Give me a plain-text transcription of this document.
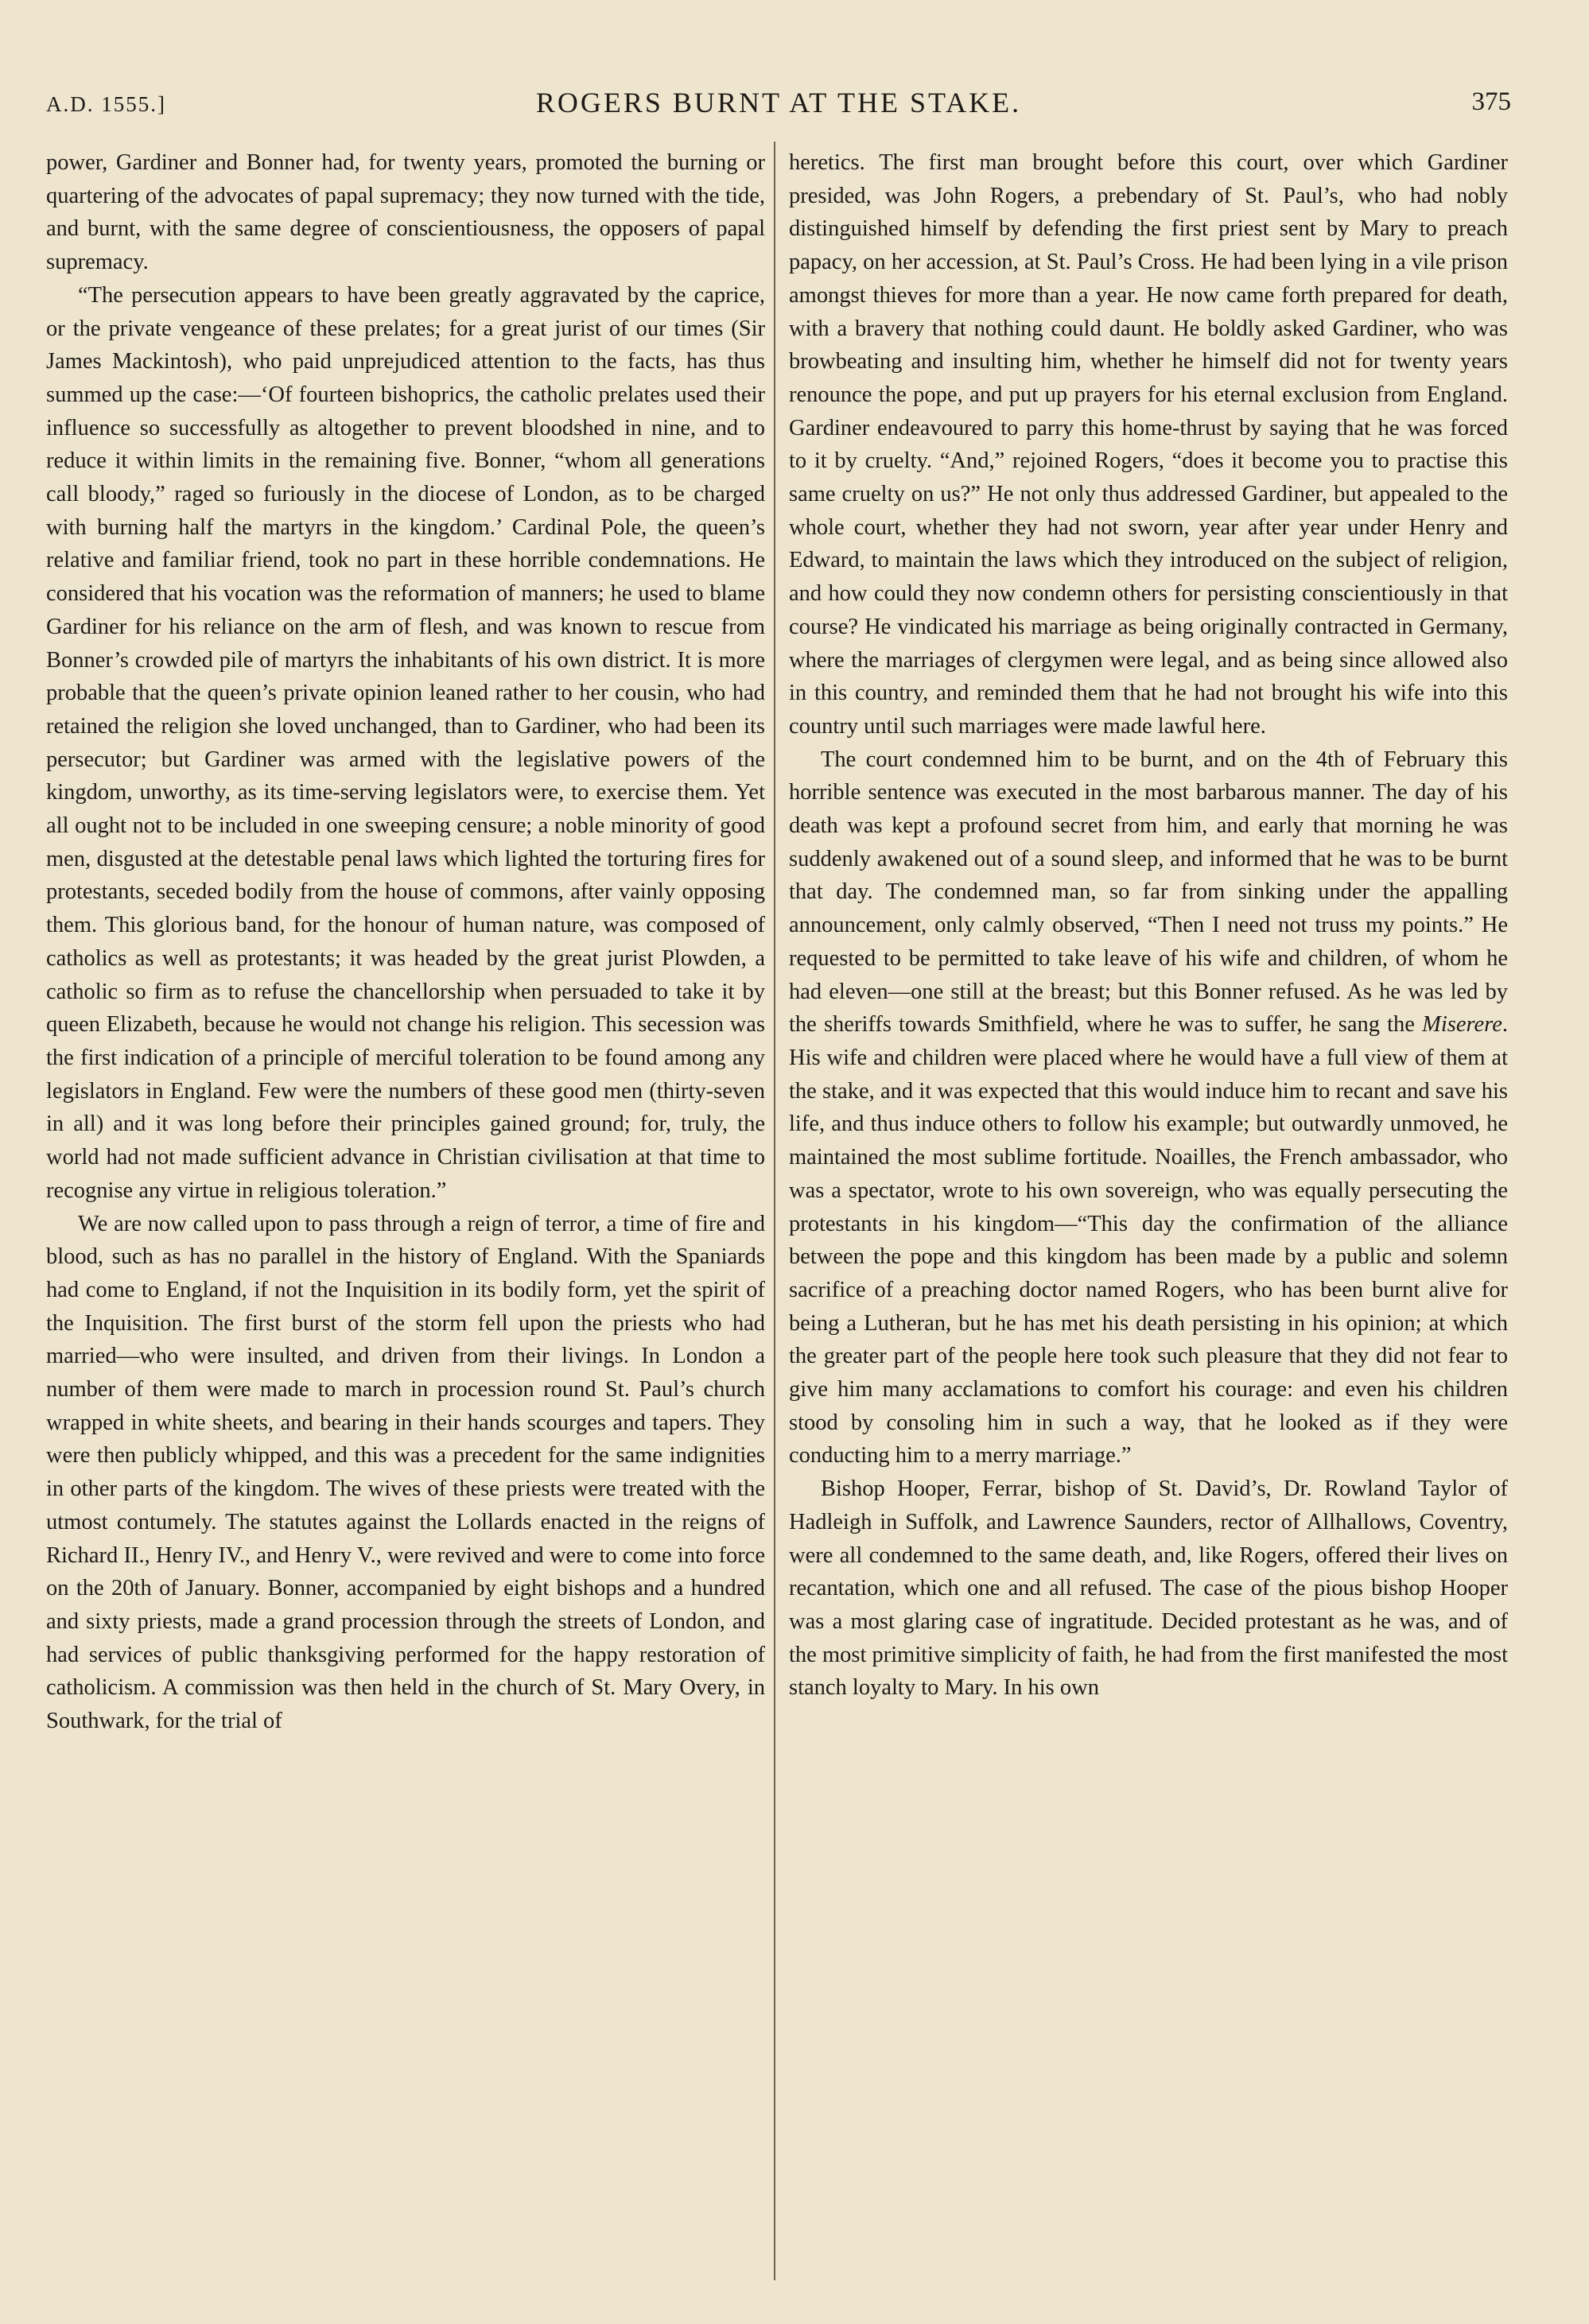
A.D. 1555.]	ROGERS BURNT AT THE STAKE.	375

power, Gardiner and Bonner had, for twenty years, promoted the burning or quartering of the advocates of papal supremacy; they now turned with the tide, and burnt, with the same degree of conscientiousness, the opposers of papal supremacy.

“The persecution appears to have been greatly aggravated by the caprice, or the private vengeance of these prelates; for a great jurist of our times (Sir James Mackintosh), who paid unprejudiced attention to the facts, has thus summed up the case:—‘Of fourteen bishoprics, the catholic prelates used their influence so successfully as altogether to prevent bloodshed in nine, and to reduce it within limits in the remaining five. Bonner, “whom all generations call bloody,” raged so furiously in the diocese of London, as to be charged with burning half the martyrs in the kingdom.’ Cardinal Pole, the queen’s relative and familiar friend, took no part in these horrible condemnations. He considered that his vocation was the reformation of manners; he used to blame Gardiner for his reliance on the arm of flesh, and was known to rescue from Bonner’s crowded pile of martyrs the inhabitants of his own district. It is more probable that the queen’s private opinion leaned rather to her cousin, who had retained the religion she loved unchanged, than to Gardiner, who had been its persecutor; but Gardiner was armed with the legislative powers of the kingdom, unworthy, as its time-serving legislators were, to exercise them. Yet all ought not to be included in one sweeping censure; a noble minority of good men, disgusted at the detestable penal laws which lighted the torturing fires for protestants, seceded bodily from the house of commons, after vainly opposing them. This glorious band, for the honour of human nature, was composed of catholics as well as protestants; it was headed by the great jurist Plowden, a catholic so firm as to refuse the chancellorship when persuaded to take it by queen Elizabeth, because he would not change his religion. This secession was the first indication of a principle of merciful toleration to be found among any legislators in England. Few were the numbers of these good men (thirty-seven in all) and it was long before their principles gained ground; for, truly, the world had not made sufficient advance in Christian civilisation at that time to recognise any virtue in religious toleration.”

We are now called upon to pass through a reign of terror, a time of fire and blood, such as has no parallel in the history of England. With the Spaniards had come to England, if not the Inquisition in its bodily form, yet the spirit of the Inquisition. The first burst of the storm fell upon the priests who had married—who were insulted, and driven from their livings. In London a number of them were made to march in procession round St. Paul’s church wrapped in white sheets, and bearing in their hands scourges and tapers. They were then publicly whipped, and this was a precedent for the same indignities in other parts of the kingdom. The wives of these priests were treated with the utmost contumely. The statutes against the Lollards enacted in the reigns of Richard II., Henry IV., and Henry V., were revived and were to come into force on the 20th of January. Bonner, accompanied by eight bishops and a hundred and sixty priests, made a grand procession through the streets of London, and had services of public thanksgiving performed for the happy restoration of catholicism. A commission was then held in the church of St. Mary Overy, in Southwark, for the trial of

heretics. The first man brought before this court, over which Gardiner presided, was John Rogers, a prebendary of St. Paul’s, who had nobly distinguished himself by defending the first priest sent by Mary to preach papacy, on her accession, at St. Paul’s Cross. He had been lying in a vile prison amongst thieves for more than a year. He now came forth prepared for death, with a bravery that nothing could daunt. He boldly asked Gardiner, who was browbeating and insulting him, whether he himself did not for twenty years renounce the pope, and put up prayers for his eternal exclusion from England. Gardiner endeavoured to parry this home-thrust by saying that he was forced to it by cruelty. “And,” rejoined Rogers, “does it become you to practise this same cruelty on us?” He not only thus addressed Gardiner, but appealed to the whole court, whether they had not sworn, year after year under Henry and Edward, to maintain the laws which they introduced on the subject of religion, and how could they now condemn others for persisting conscientiously in that course? He vindicated his marriage as being originally contracted in Germany, where the marriages of clergymen were legal, and as being since allowed also in this country, and reminded them that he had not brought his wife into this country until such marriages were made lawful here.

The court condemned him to be burnt, and on the 4th of February this horrible sentence was executed in the most barbarous manner. The day of his death was kept a profound secret from him, and early that morning he was suddenly awakened out of a sound sleep, and informed that he was to be burnt that day. The condemned man, so far from sinking under the appalling announcement, only calmly observed, “Then I need not truss my points.” He requested to be permitted to take leave of his wife and children, of whom he had eleven—one still at the breast; but this Bonner refused. As he was led by the sheriffs towards Smithfield, where he was to suffer, he sang the Miserere. His wife and children were placed where he would have a full view of them at the stake, and it was expected that this would induce him to recant and save his life, and thus induce others to follow his example; but outwardly unmoved, he maintained the most sublime fortitude. Noailles, the French ambassador, who was a spectator, wrote to his own sovereign, who was equally persecuting the protestants in his kingdom—“This day the confirmation of the alliance between the pope and this kingdom has been made by a public and solemn sacrifice of a preaching doctor named Rogers, who has been burnt alive for being a Lutheran, but he has met his death persisting in his opinion; at which the greater part of the people here took such pleasure that they did not fear to give him many acclamations to comfort his courage: and even his children stood by consoling him in such a way, that he looked as if they were conducting him to a merry marriage.”

Bishop Hooper, Ferrar, bishop of St. David’s, Dr. Rowland Taylor of Hadleigh in Suffolk, and Lawrence Saunders, rector of Allhallows, Coventry, were all condemned to the same death, and, like Rogers, offered their lives on recantation, which one and all refused. The case of the pious bishop Hooper was a most glaring case of ingratitude. Decided protestant as he was, and of the most primitive simplicity of faith, he had from the first manifested the most stanch loyalty to Mary. In his own
